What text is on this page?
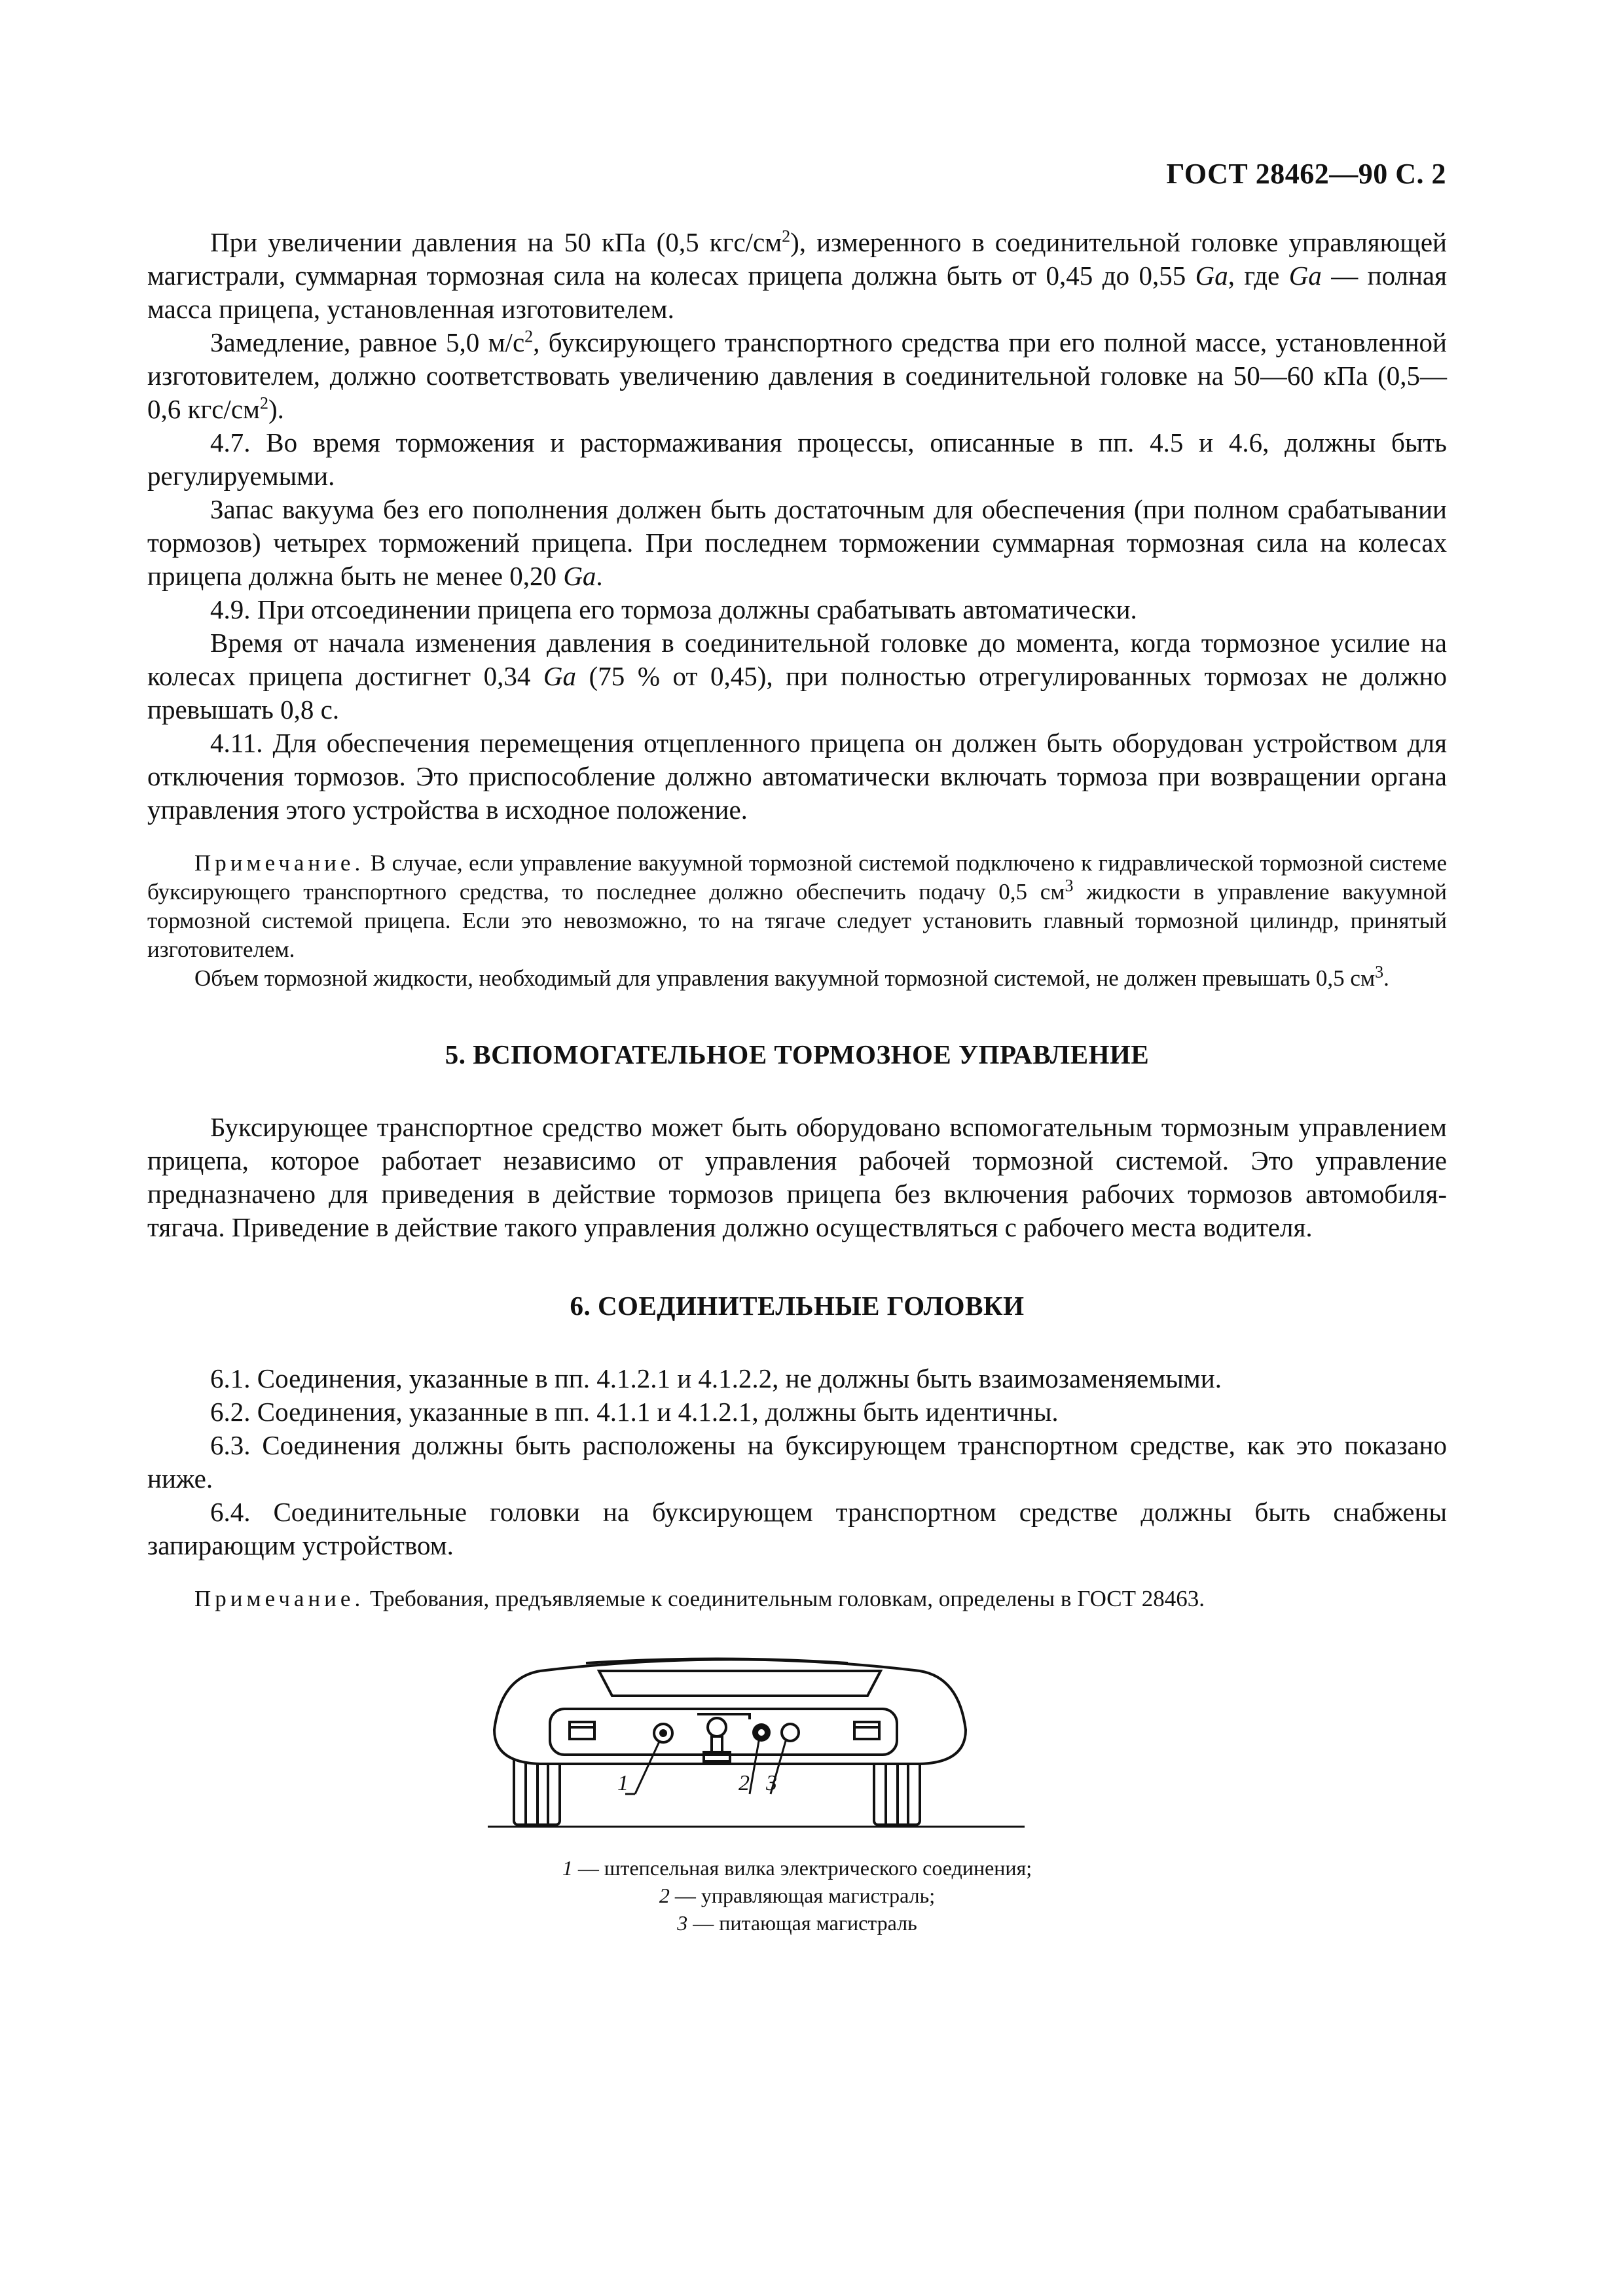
ГОСТ 28462—90 С. 2

При увеличении давления на 50 кПа (0,5 кгс/$см^2$), измеренного в соединительной головке управляющей магистрали, суммарная тормозная сила на колесах прицепа должна быть от 0,45 до 0,55 Ga, где Ga — полная масса прицепа, установленная изготовителем.

Замедление, равное 5,0 $м/с^2$, буксирующего транспортного средства при его полной массе, установленной изготовителем, должно соответствовать увеличению давления в соединительной головке на 50—60 кПа (0,5—0,6 кгс/$см^2$).

4.7. Во время торможения и растормаживания процессы, описанные в пп. 4.5 и 4.6, должны быть регулируемыми.

Запас вакуума без его пополнения должен быть достаточным для обеспечения (при полном срабатывании тормозов) четырех торможений прицепа. При последнем торможении суммарная тормозная сила на колесах прицепа должна быть не менее 0,20 Ga.

4.9. При отсоединении прицепа его тормоза должны срабатывать автоматически.

Время от начала изменения давления в соединительной головке до момента, когда тормозное усилие на колесах прицепа достигнет 0,34 Ga (75 % от 0,45), при полностью отрегулированных тормозах не должно превышать 0,8 с.

4.11. Для обеспечения перемещения отцепленного прицепа он должен быть оборудован устройством для отключения тормозов. Это приспособление должно автоматически включать тормоза при возвращении органа управления этого устройства в исходное положение.

Примечание. В случае, если управление вакуумной тормозной системой подключено к гидравлической тормозной системе буксирующего транспортного средства, то последнее должно обеспечить подачу 0,5 $см^3$ жидкости в управление вакуумной тормозной системой прицепа. Если это невозможно, то на тягаче следует установить главный тормозной цилиндр, принятый изготовителем.

Объем тормозной жидкости, необходимый для управления вакуумной тормозной системой, не должен превышать 0,5 $см^3$.

5. ВСПОМОГАТЕЛЬНОЕ ТОРМОЗНОЕ УПРАВЛЕНИЕ

Буксирующее транспортное средство может быть оборудовано вспомогательным тормозным управлением прицепа, которое работает независимо от управления рабочей тормозной системой. Это управление предназначено для приведения в действие тормозов прицепа без включения рабочих тормозов автомобиля-тягача. Приведение в действие такого управления должно осуществляться с рабочего места водителя.

6. СОЕДИНИТЕЛЬНЫЕ ГОЛОВКИ

6.1. Соединения, указанные в пп. 4.1.2.1 и 4.1.2.2, не должны быть взаимозаменяемыми.

6.2. Соединения, указанные в пп. 4.1.1 и 4.1.2.1, должны быть идентичны.

6.3. Соединения должны быть расположены на буксирующем транспортном средстве, как это показано ниже.

6.4. Соединительные головки на буксирующем транспортном средстве должны быть снабжены запирающим устройством.

Примечание. Требования, предъявляемые к соединительным головкам, определены в ГОСТ 28463.

1	2 3
1 — штепсельная вилка электрического соединения;
2 — управляющая магистраль;
3 — питающая магистраль
